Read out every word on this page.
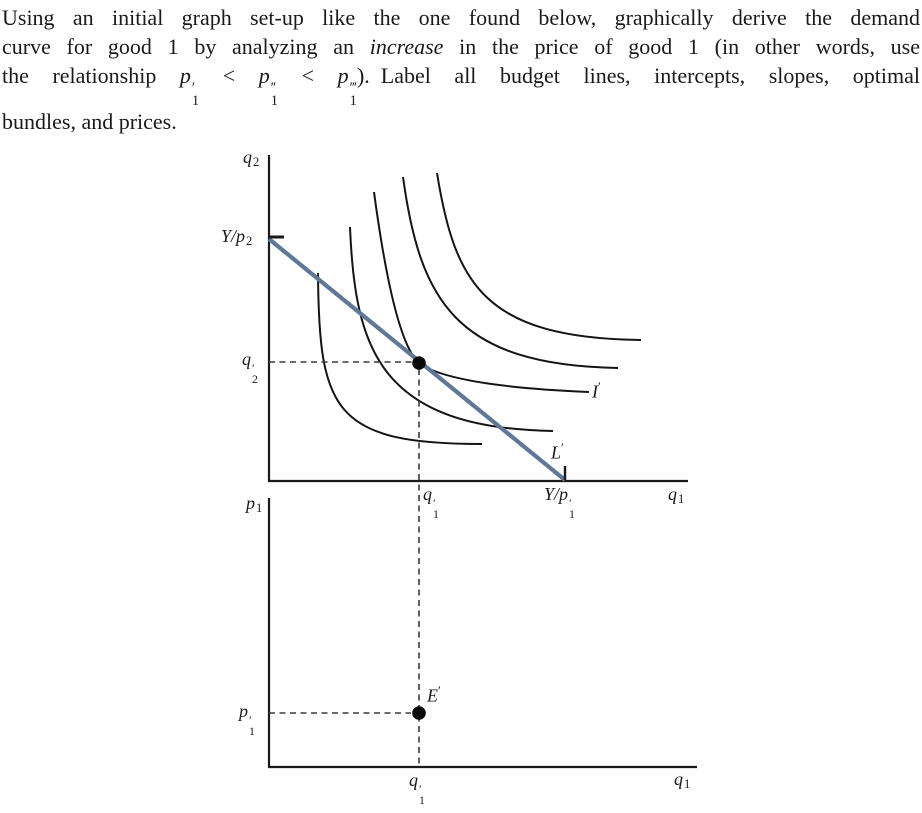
Using an initial graph set-up like the one found below, graphically derive the demand
curve for good 1 by analyzing an increase in the price of good 1 (in other words, use
the relationship p ′
1
< p ′′
1
< p ′′′
1
). Label all budget lines, intercepts, slopes, optimal
bundles, and prices.
q2
Y/p2
q ′
2
q ′
1
Y/p ′
1
q1
L′
I′
p1
p ′
1
E′
q ′
1
q1
